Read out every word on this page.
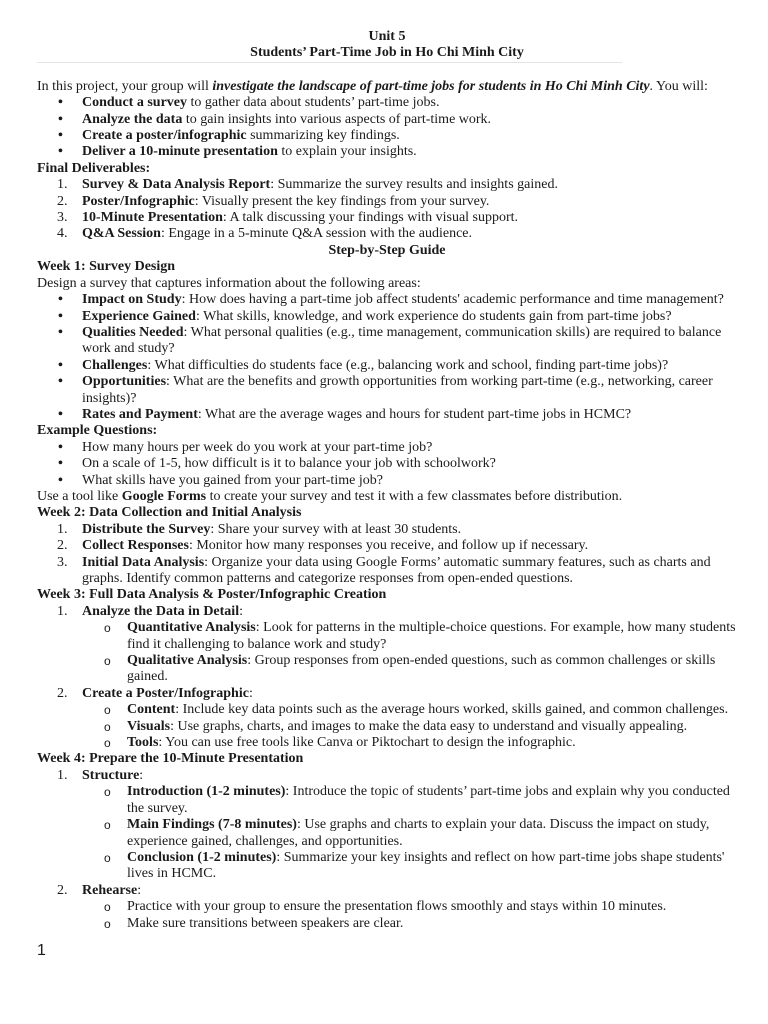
Unit 5
Students’ Part-Time Job in Ho Chi Minh City
In this project, your group will investigate the landscape of part-time jobs for students in Ho Chi Minh City. You will:
• Conduct a survey to gather data about students’ part-time jobs.
• Analyze the data to gain insights into various aspects of part-time work.
• Create a poster/infographic summarizing key findings.
• Deliver a 10-minute presentation to explain your insights.
Final Deliverables:
Survey & Data Analysis Report: Summarize the survey results and insights gained.
Poster/Infographic: Visually present the key findings from your survey.
10-Minute Presentation: A talk discussing your findings with visual support.
Q&A Session: Engage in a 5-minute Q&A session with the audience.
Step-by-Step Guide
Week 1: Survey Design
Design a survey that captures information about the following areas:
• Impact on Study: How does having a part-time job affect students' academic performance and time management?
• Experience Gained: What skills, knowledge, and work experience do students gain from part-time jobs?
• Qualities Needed: What personal qualities (e.g., time management, communication skills) are required to balance work and study?
• Challenges: What difficulties do students face (e.g., balancing work and school, finding part-time jobs)?
• Opportunities: What are the benefits and growth opportunities from working part-time (e.g., networking, career insights)?
• Rates and Payment: What are the average wages and hours for student part-time jobs in HCMC?
Example Questions:
• How many hours per week do you work at your part-time job?
• On a scale of 1-5, how difficult is it to balance your job with schoolwork?
• What skills have you gained from your part-time job?
Use a tool like Google Forms to create your survey and test it with a few classmates before distribution.
Week 2: Data Collection and Initial Analysis
Distribute the Survey: Share your survey with at least 30 students.
Collect Responses: Monitor how many responses you receive, and follow up if necessary.
Initial Data Analysis: Organize your data using Google Forms’ automatic summary features, such as charts and graphs. Identify common patterns and categorize responses from open-ended questions.
Week 3: Full Data Analysis & Poster/Infographic Creation
Analyze the Data in Detail:
o Quantitative Analysis: Look for patterns in the multiple-choice questions. For example, how many students find it challenging to balance work and study?
o Qualitative Analysis: Group responses from open-ended questions, such as common challenges or skills gained.
Create a Poster/Infographic:
o Content: Include key data points such as the average hours worked, skills gained, and common challenges.
o Visuals: Use graphs, charts, and images to make the data easy to understand and visually appealing.
o Tools: You can use free tools like Canva or Piktochart to design the infographic.
Week 4: Prepare the 10-Minute Presentation
Structure:
o Introduction (1-2 minutes): Introduce the topic of students’ part-time jobs and explain why you conducted the survey.
o Main Findings (7-8 minutes): Use graphs and charts to explain your data. Discuss the impact on study, experience gained, challenges, and opportunities.
o Conclusion (1-2 minutes): Summarize your key insights and reflect on how part-time jobs shape students' lives in HCMC.
Rehearse:
o Practice with your group to ensure the presentation flows smoothly and stays within 10 minutes.
o Make sure transitions between speakers are clear.
1
